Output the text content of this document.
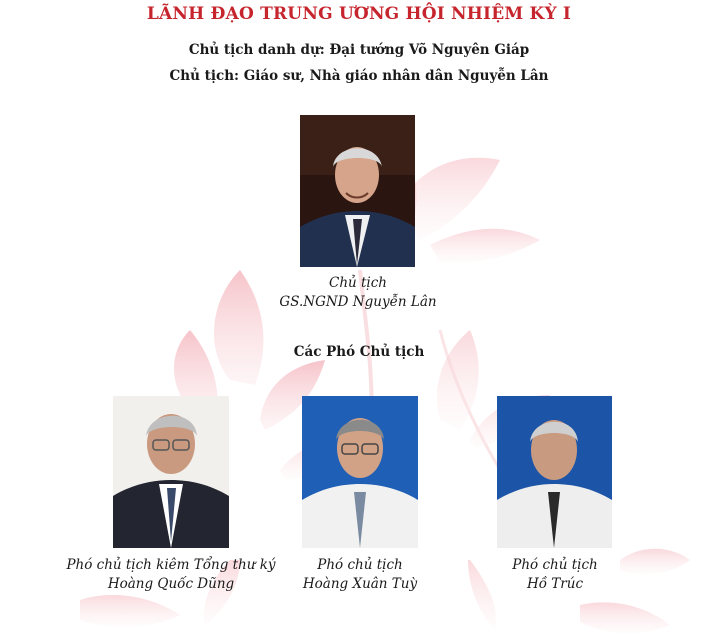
LÃNH ĐẠO TRUNG ƯƠNG HỘI NHIỆM KỲ I
Chủ tịch danh dự: Đại tướng Võ Nguyên Giáp
Chủ tịch: Giáo sư, Nhà giáo nhân dân Nguyễn Lân
Chủ tịch
GS.NGND Nguyễn Lân
Các Phó Chủ tịch
Phó chủ tịch kiêm Tổng thư ký
Hoàng Quốc Dũng
Phó chủ tịch
Hoàng Xuân Tuỳ
Phó chủ tịch
Hồ Trúc
